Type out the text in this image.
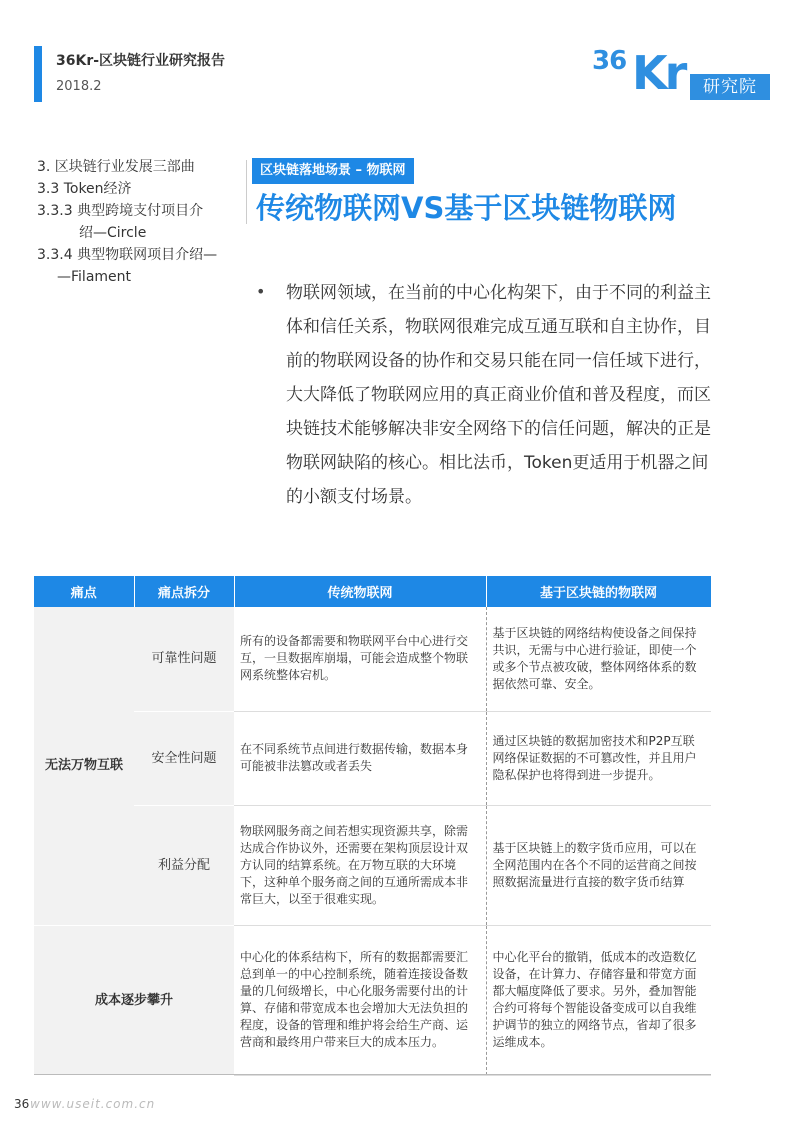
36Kr-区块链行业研究报告
2018.2
36 Kr	研究院
3. 区块链行业发展三部曲
3.3 Token经济
3.3.3 典型跨境支付项目介
绍—Circle
3.3.4 典型物联网项目介绍—
—Filament
区块链落地场景 – 物联网
传统物联网VS基于区块链物联网
• 物联网领域，在当前的中心化构架下，由于不同的利益主体和信任关系，物联网很难完成互通互联和自主协作，目前的物联网设备的协作和交易只能在同一信任域下进行，大大降低了物联网应用的真正商业价值和普及程度，而区块链技术能够解决非安全网络下的信任问题，解决的正是物联网缺陷的核心。相比法币，Token更适用于机器之间的小额支付场景。
痛点	痛点拆分	传统物联网	基于区块链的物联网
无法万物互联	可靠性问题	所有的设备都需要和物联网平台中心进行交互，一旦数据库崩塌，可能会造成整个物联网系统整体宕机。	基于区块链的网络结构使设备之间保持共识，无需与中心进行验证，即使一个或多个节点被攻破，整体网络体系的数据依然可靠、安全。
	安全性问题	在不同系统节点间进行数据传输，数据本身可能被非法篡改或者丢失	通过区块链的数据加密技术和P2P互联网络保证数据的不可篡改性，并且用户隐私保护也将得到进一步提升。
	利益分配	物联网服务商之间若想实现资源共享，除需达成合作协议外，还需要在架构顶层设计双方认同的结算系统。在万物互联的大环境下，这种单个服务商之间的互通所需成本非常巨大，以至于很难实现。	基于区块链上的数字货币应用，可以在全网范围内在各个不同的运营商之间按照数据流量进行直接的数字货币结算
成本逐步攀升		中心化的体系结构下，所有的数据都需要汇总到单一的中心控制系统，随着连接设备数量的几何级增长，中心化服务需要付出的计算、存储和带宽成本也会增加大无法负担的程度，设备的管理和维护将会给生产商、运营商和最终用户带来巨大的成本压力。	中心化平台的撤销，低成本的改造数亿设备，在计算力、存储容量和带宽方面都大幅度降低了要求。另外，叠加智能合约可将每个智能设备变成可以自我维护调节的独立的网络节点，省却了很多运维成本。
36 www.useit.com.cn
